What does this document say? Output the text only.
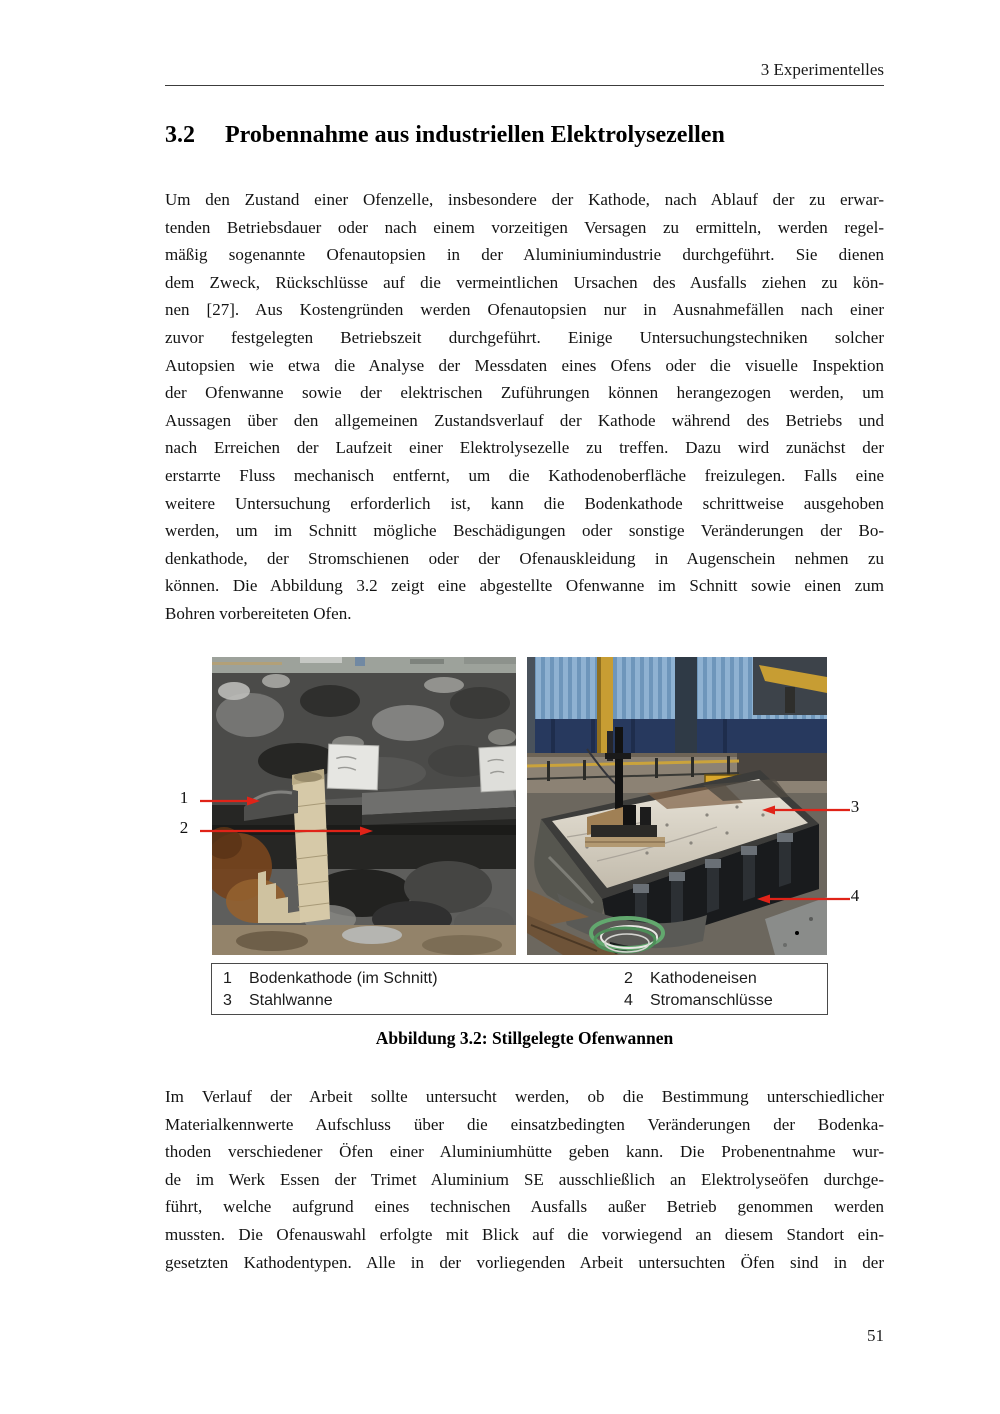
3 Experimentelles
3.2 Probennahme aus industriellen Elektrolysezellen
Um den Zustand einer Ofenzelle, insbesondere der Kathode, nach Ablauf der zu erwar-
tenden Betriebsdauer oder nach einem vorzeitigen Versagen zu ermitteln, werden regel-
mäßig sogenannte Ofenautopsien in der Aluminiumindustrie durchgeführt. Sie dienen
dem Zweck, Rückschlüsse auf die vermeintlichen Ursachen des Ausfalls ziehen zu kön-
nen [27]. Aus Kostengründen werden Ofenautopsien nur in Ausnahmefällen nach einer
zuvor festgelegten Betriebszeit durchgeführt. Einige Untersuchungstechniken solcher
Autopsien wie etwa die Analyse der Messdaten eines Ofens oder die visuelle Inspektion
der Ofenwanne sowie der elektrischen Zuführungen können herangezogen werden, um
Aussagen über den allgemeinen Zustandsverlauf der Kathode während des Betriebs und
nach Erreichen der Laufzeit einer Elektrolysezelle zu treffen. Dazu wird zunächst der
erstarrte Fluss mechanisch entfernt, um die Kathodenoberfläche freizulegen. Falls eine
weitere Untersuchung erforderlich ist, kann die Bodenkathode schrittweise ausgehoben
werden, um im Schnitt mögliche Beschädigungen oder sonstige Veränderungen der Bo-
denkathode, der Stromschienen oder der Ofenauskleidung in Augenschein nehmen zu
können. Die Abbildung 3.2 zeigt eine abgestellte Ofenwanne im Schnitt sowie einen zum
Bohren vorbereiteten Ofen.
1
2
3
4
1 Bodenkathode (im Schnitt)	2 Kathodeneisen
3 Stahlwanne	4 Stromanschlüsse
Abbildung 3.2: Stillgelegte Ofenwannen
Im Verlauf der Arbeit sollte untersucht werden, ob die Bestimmung unterschiedlicher
Materialkennwerte Aufschluss über die einsatzbedingten Veränderungen der Bodenka-
thoden verschiedener Öfen einer Aluminiumhütte geben kann. Die Probenentnahme wur-
de im Werk Essen der Trimet Aluminium SE ausschließlich an Elektrolyseöfen durchge-
führt, welche aufgrund eines technischen Ausfalls außer Betrieb genommen werden
mussten. Die Ofenauswahl erfolgte mit Blick auf die vorwiegend an diesem Standort ein-
gesetzten Kathodentypen. Alle in der vorliegenden Arbeit untersuchten Öfen sind in der
51
